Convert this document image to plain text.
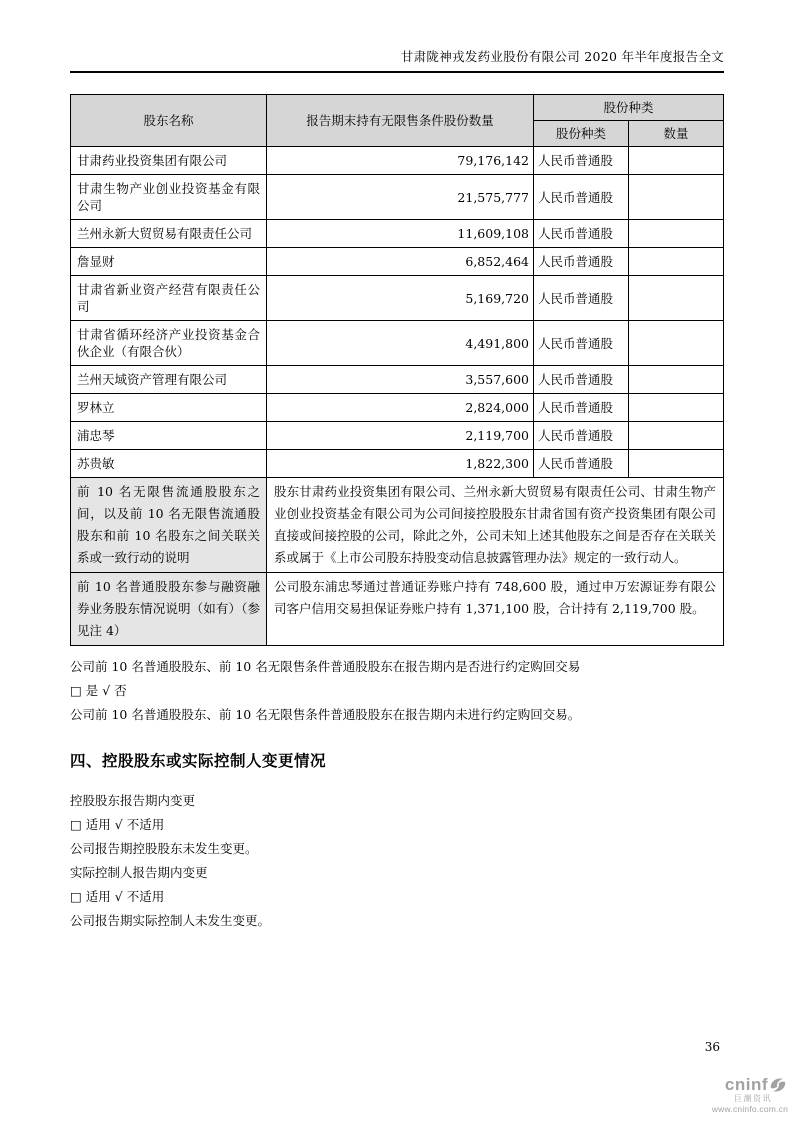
甘肃陇神戎发药业股份有限公司 2020 年半年度报告全文
股东名称	报告期末持有无限售条件股份数量	股份种类	
		股份种类	数量
甘肃药业投资集团有限公司	79,176,142	人民币普通股	
甘肃生物产业创业投资基金有限公司	21,575,777	人民币普通股	
兰州永新大贸贸易有限责任公司	11,609,108	人民币普通股	
詹显财	6,852,464	人民币普通股	
甘肃省新业资产经营有限责任公司	5,169,720	人民币普通股	
甘肃省循环经济产业投资基金合伙企业（有限合伙）	4,491,800	人民币普通股	
兰州天域资产管理有限公司	3,557,600	人民币普通股	
罗林立	2,824,000	人民币普通股	
浦忠琴	2,119,700	人民币普通股	
苏贵敏	1,822,300	人民币普通股	
前 10 名无限售流通股股东之间，以及前 10 名无限售流通股股东和前 10 名股东之间关联关系或一致行动的说明	股东甘肃药业投资集团有限公司、兰州永新大贸贸易有限责任公司、甘肃生物产业创业投资基金有限公司为公司间接控股股东甘肃省国有资产投资集团有限公司直接或间接控股的公司，除此之外，公司未知上述其他股东之间是否存在关联关系或属于《上市公司股东持股变动信息披露管理办法》规定的一致行动人。		
前 10 名普通股股东参与融资融券业务股东情况说明（如有）（参见注 4）	公司股东浦忠琴通过普通证券账户持有 748,600 股，通过申万宏源证券有限公司客户信用交易担保证券账户持有 1,371,100 股，合计持有 2,119,700 股。		

公司前 10 名普通股股东、前 10 名无限售条件普通股股东在报告期内是否进行约定购回交易

□ 是 √ 否

公司前 10 名普通股股东、前 10 名无限售条件普通股股东在报告期内未进行约定购回交易。

四、控股股东或实际控制人变更情况

控股股东报告期内变更

□ 适用 √ 不适用

公司报告期控股股东未发生变更。

实际控制人报告期内变更

□ 适用 √ 不适用

公司报告期实际控制人未发生变更。

36
cninf
巨潮资讯
www.cninfo.com.cn
